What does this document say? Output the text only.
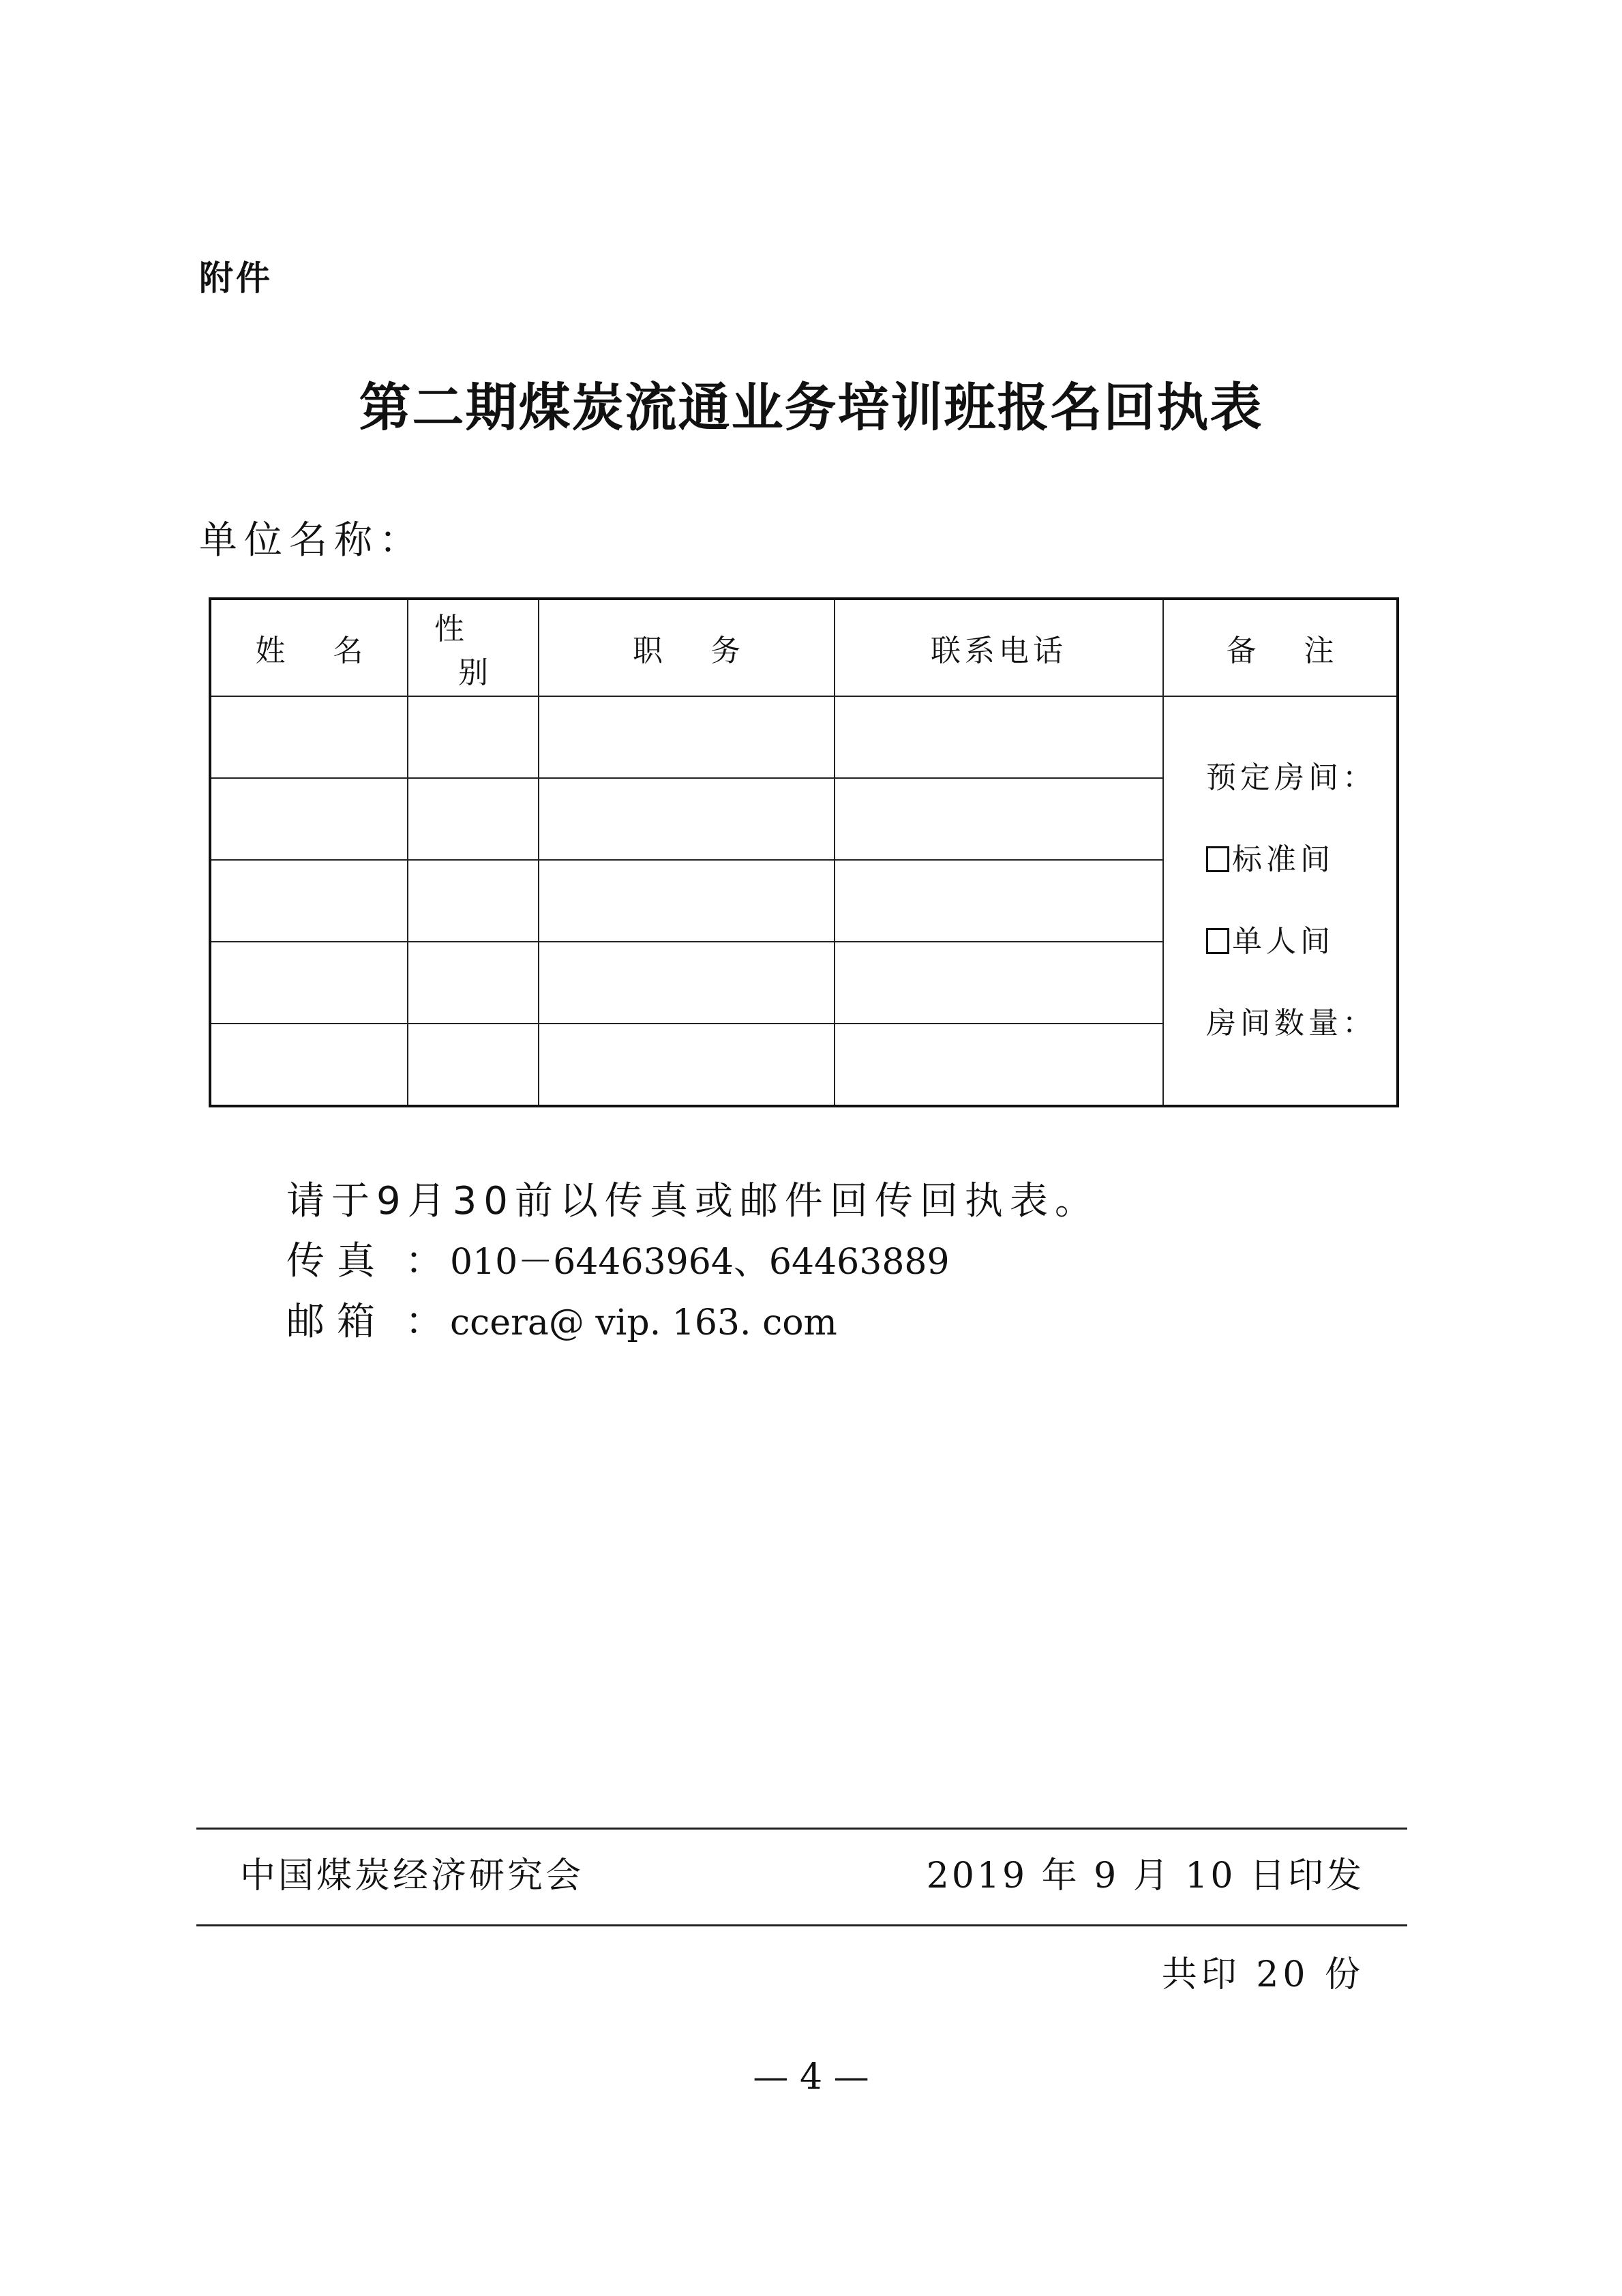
附件
第二期煤炭流通业务培训班报名回执表
单位名称：
姓名	性别	职务	联系电话	备注

				预定房间：
标准间
单人间
房间数量：

请于9月30前以传真或邮件回传回执表。
传 真 ： 010－64463964、64463889
邮 箱 ： ccera@ vip. 163. com
中国煤炭经济研究会	2019 年 9 月 10 日印发
共印 20 份
— 4 —
